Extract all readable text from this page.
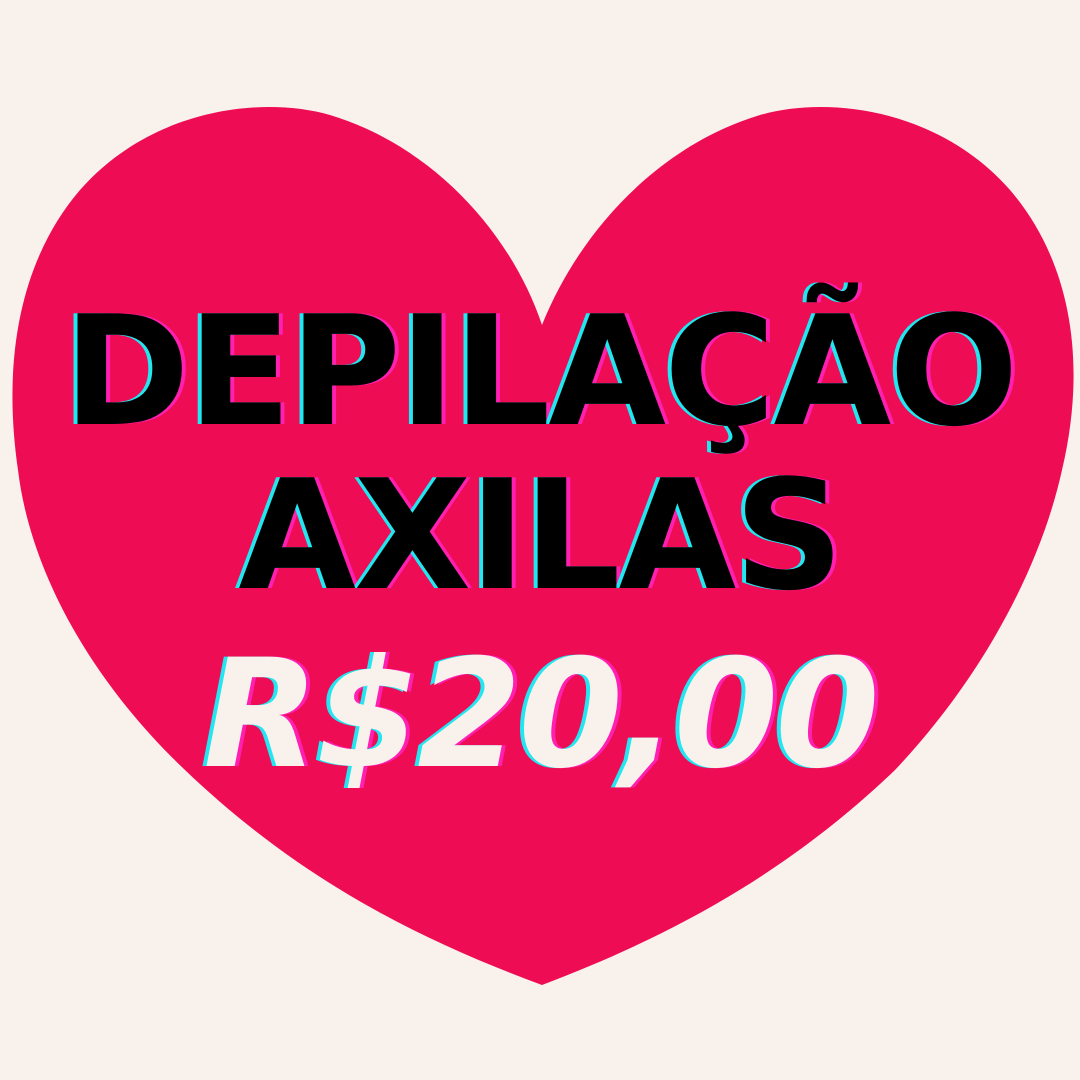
DEPILAÇÃO
AXILAS
R$20,00
